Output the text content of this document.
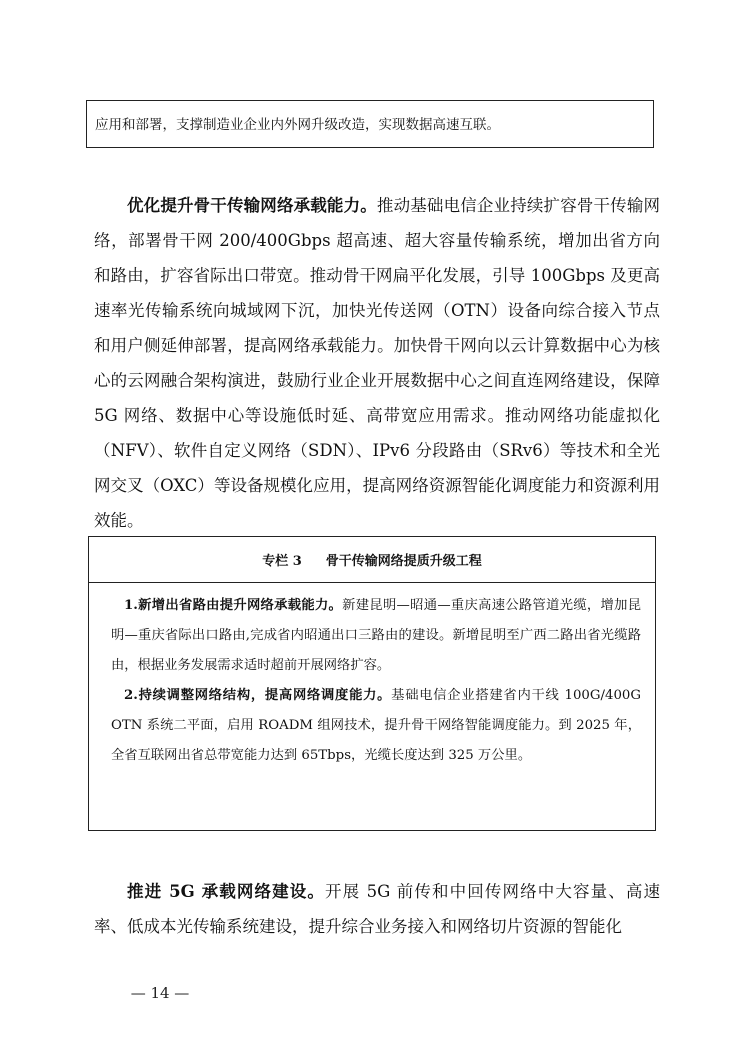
应用和部署，支撑制造业企业内外网升级改造，实现数据高速互联。
优化提升骨干传输网络承载能力。推动基础电信企业持续扩容骨干传输网络，部署骨干网 200/400Gbps 超高速、超大容量传输系统，增加出省方向和路由，扩容省际出口带宽。推动骨干网扁平化发展，引导 100Gbps 及更高速率光传输系统向城域网下沉，加快光传送网（OTN）设备向综合接入节点和用户侧延伸部署，提高网络承载能力。加快骨干网向以云计算数据中心为核心的云网融合架构演进，鼓励行业企业开展数据中心之间直连网络建设，保障 5G 网络、数据中心等设施低时延、高带宽应用需求。推动网络功能虚拟化（NFV）、软件自定义网络（SDN）、IPv6 分段路由（SRv6）等技术和全光网交叉（OXC）等设备规模化应用，提高网络资源智能化调度能力和资源利用效能。
专栏 3 骨干传输网络提质升级工程

1.新增出省路由提升网络承载能力。新建昆明—昭通—重庆高速公路管道光缆，增加昆明—重庆省际出口路由,完成省内昭通出口三路由的建设。新增昆明至广西二路出省光缆路由，根据业务发展需求适时超前开展网络扩容。

2.持续调整网络结构，提高网络调度能力。基础电信企业搭建省内干线 100G/400G OTN 系统二平面，启用 ROADM 组网技术，提升骨干网络智能调度能力。到 2025 年，全省互联网出省总带宽能力达到 65Tbps，光缆长度达到 325 万公里。

推进 5G 承载网络建设。开展 5G 前传和中回传网络中大容量、高速率、低成本光传输系统建设，提升综合业务接入和网络切片资源的智能化
— 14 —
